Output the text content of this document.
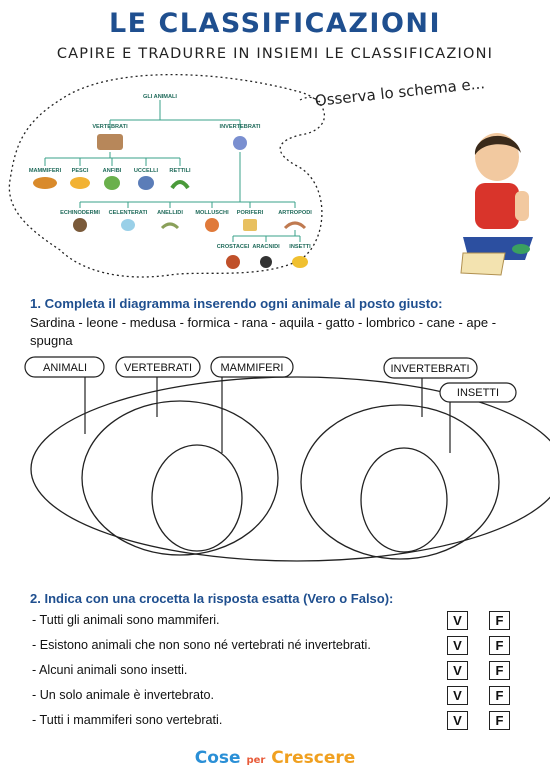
LE CLASSIFICAZIONI
CAPIRE E TRADURRE IN INSIEMI LE CLASSIFICAZIONI
GLI ANIMALI
VERTEBRATI	INVERTEBRATI
MAMMIFERI PESCI	ANFIBI UCCELLI RETTILI
ECHINODERMI CELENTERATI ANELLIDI MOLLUSCHI PORIFERI	ARTROPODI
CROSTACEI ARACNIDI INSETTI
Osserva lo schema e...
1. Completa il diagramma inserendo ogni animale al posto giusto:
Sardina - leone - medusa - formica - rana - aquila - gatto - lombrico - cane - ape - spugna
ANIMALI	VERTEBRATI	MAMMIFERI	INVERTEBRATI
INSETTI
2. Indica con una crocetta la risposta esatta (Vero o Falso):
- Tutti gli animali sono mammiferi.	V	F
- Esistono animali che non sono né vertebrati né invertebrati.	V	F
- Alcuni animali sono insetti.	V	F
- Un solo animale è invertebrato.	V	F
- Tutti i mammiferi sono vertebrati.	V	F
Cose per Crescere
